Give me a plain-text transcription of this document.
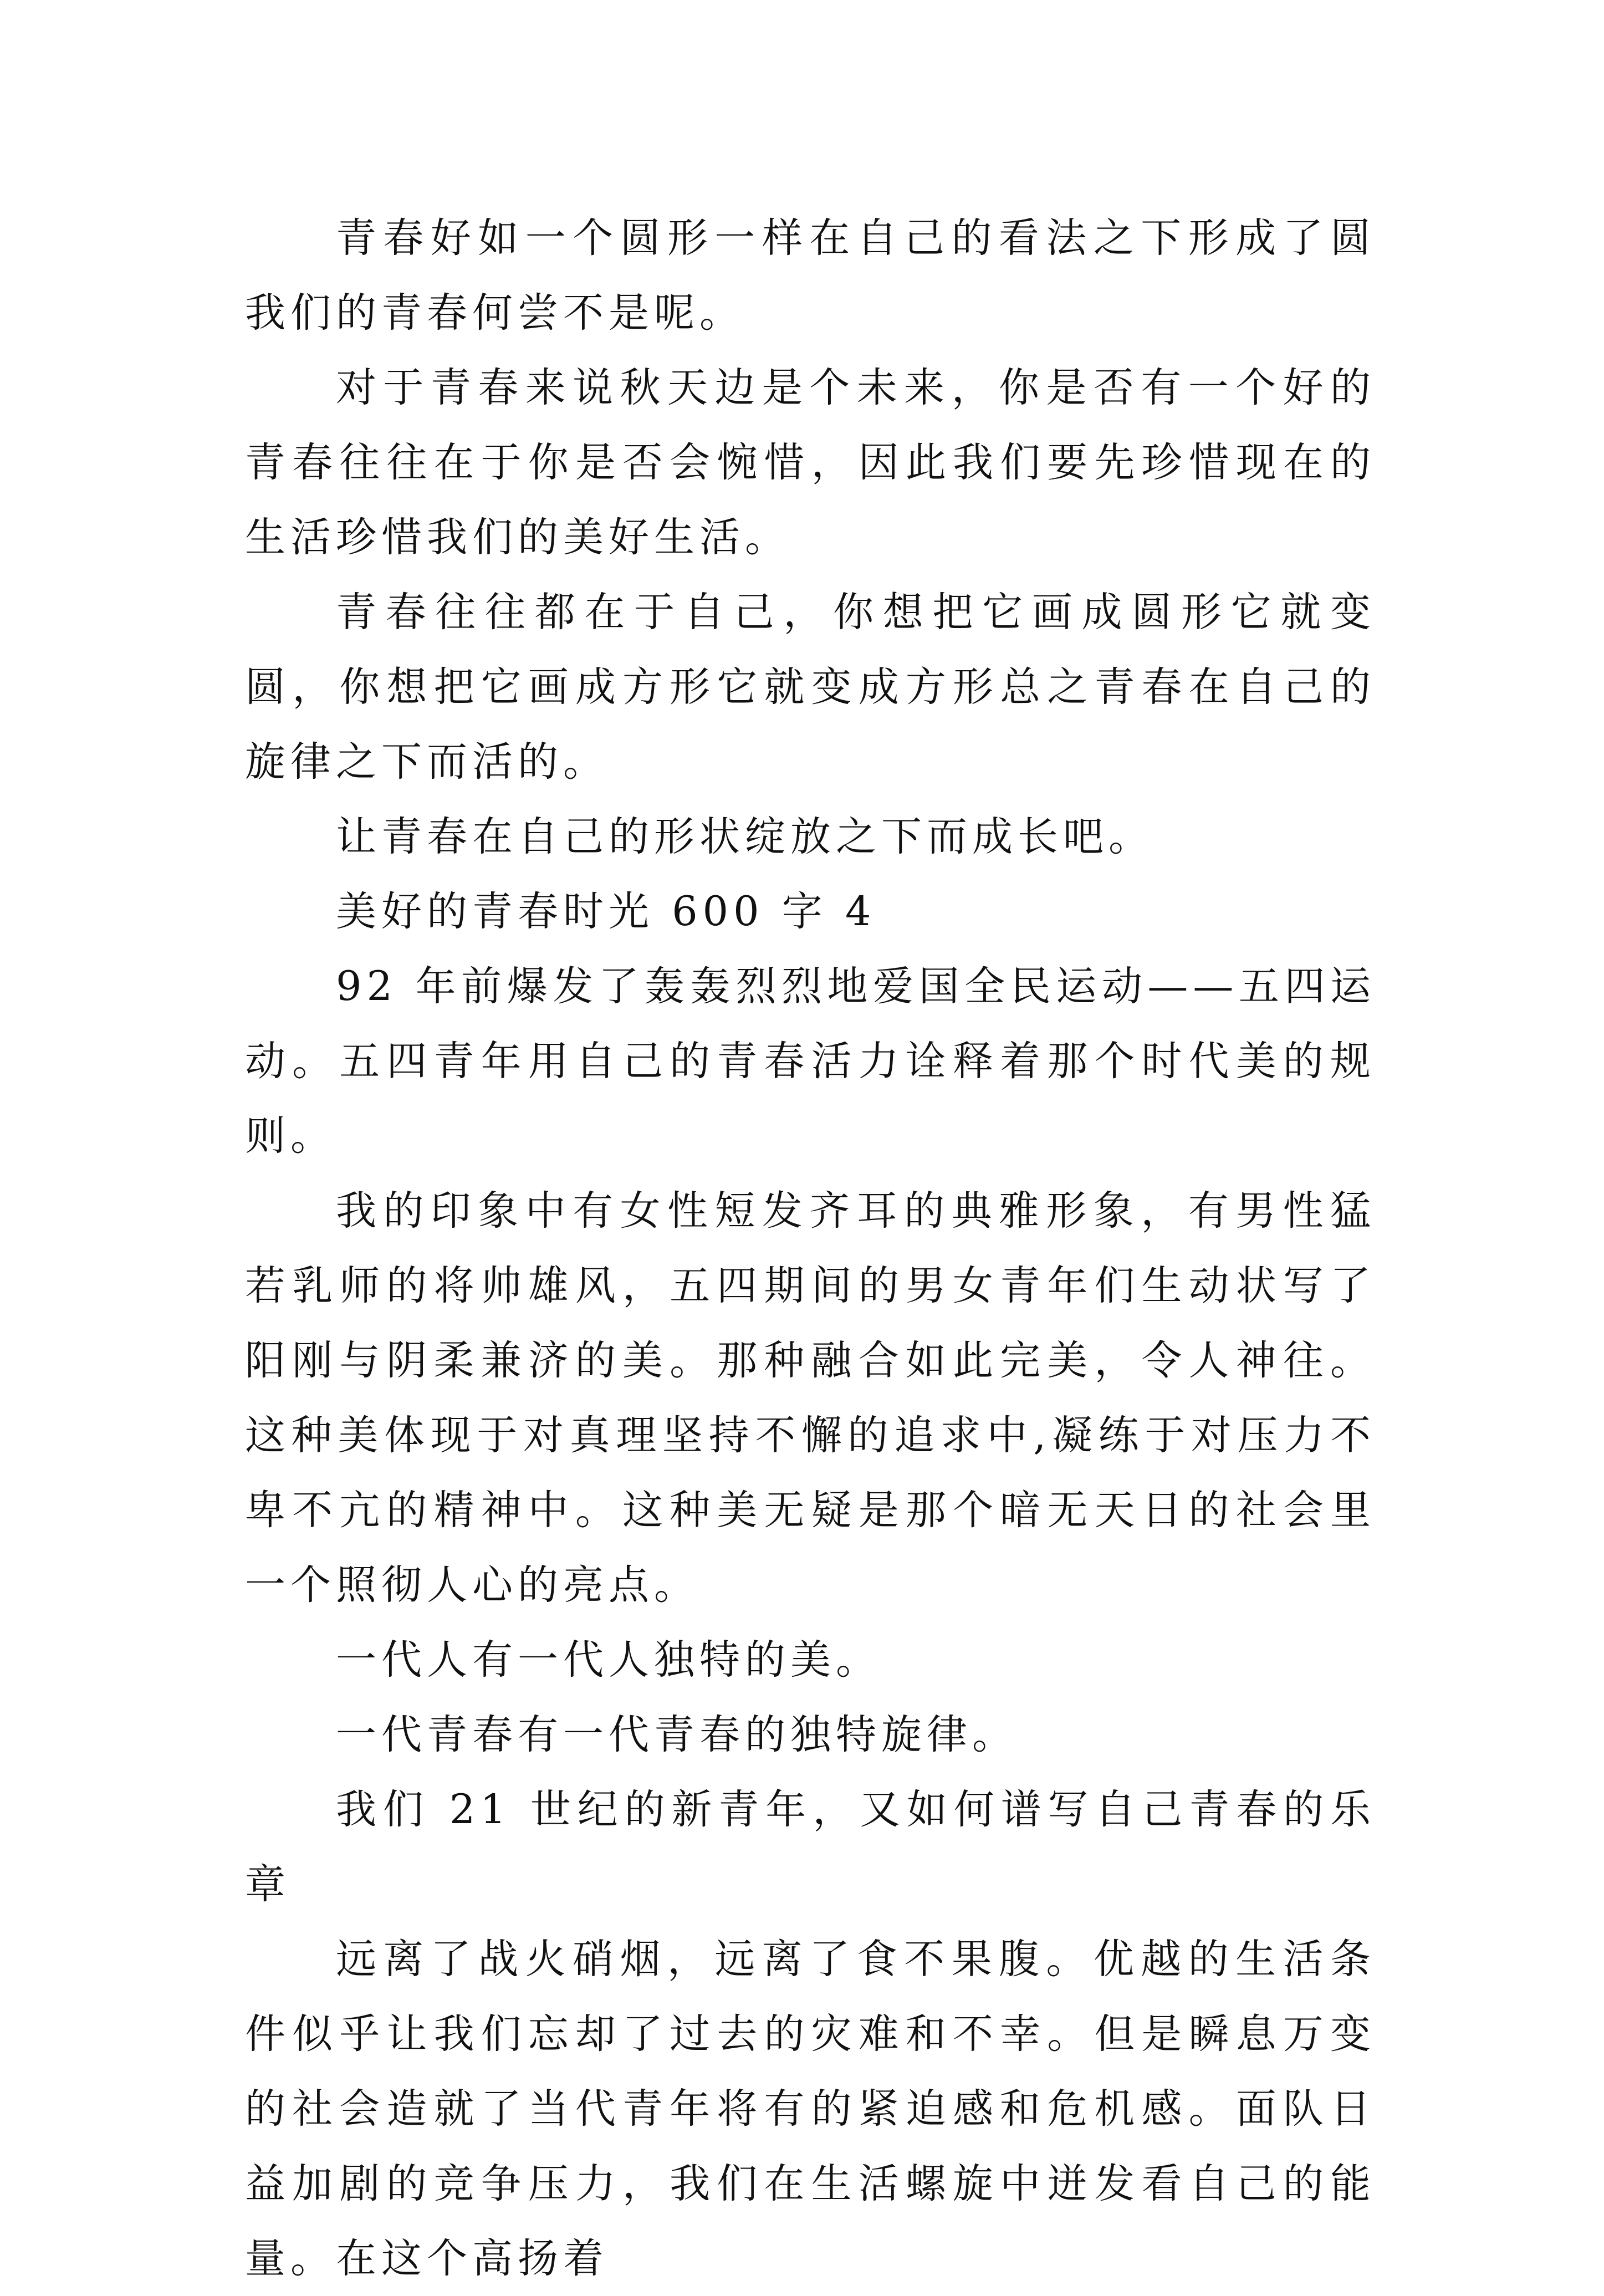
青春好如一个圆形一样在自己的看法之下形成了圆我们的青春何尝不是呢。

对于青春来说秋天边是个未来，你是否有一个好的青春往往在于你是否会惋惜，因此我们要先珍惜现在的生活珍惜我们的美好生活。

青春往往都在于自己，你想把它画成圆形它就变圆，你想把它画成方形它就变成方形总之青春在自己的旋律之下而活的。

让青春在自己的形状绽放之下而成长吧。

美好的青春时光 600 字 4

92 年前爆发了轰轰烈烈地爱国全民运动——五四运动。五四青年用自己的青春活力诠释着那个时代美的规则。

我的印象中有女性短发齐耳的典雅形象，有男性猛若乳师的将帅雄风，五四期间的男女青年们生动状写了阳刚与阴柔兼济的美。那种融合如此完美，令人神往。这种美体现于对真理坚持不懈的追求中,凝练于对压力不卑不亢的精神中。这种美无疑是那个暗无天日的社会里一个照彻人心的亮点。

一代人有一代人独特的美。

一代青春有一代青春的独特旋律。

我们 21 世纪的新青年，又如何谱写自己青春的乐章

远离了战火硝烟，远离了食不果腹。优越的生活条件似乎让我们忘却了过去的灾难和不幸。但是瞬息万变的社会造就了当代青年将有的紧迫感和危机感。面队日益加剧的竞争压力，我们在生活螺旋中迸发看自己的能量。在这个高扬着
